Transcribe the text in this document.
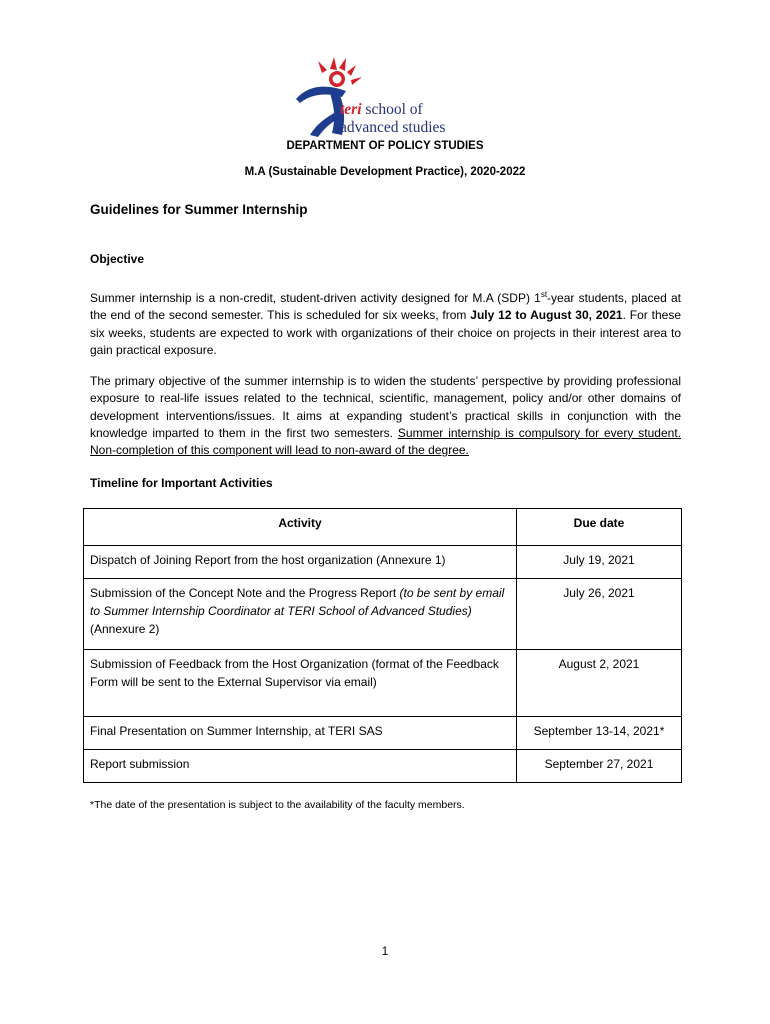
teri school of
advanced studies
DEPARTMENT OF POLICY STUDIES
M.A (Sustainable Development Practice), 2020-2022
Guidelines for Summer Internship
Objective

Summer internship is a non-credit, student-driven activity designed for M.A (SDP) 1st-year students, placed at the end of the second semester. This is scheduled for six weeks, from July 12 to August 30, 2021. For these six weeks, students are expected to work with organizations of their choice on projects in their interest area to gain practical exposure.

The primary objective of the summer internship is to widen the students’ perspective by providing professional exposure to real-life issues related to the technical, scientific, management, policy and/or other domains of development interventions/issues. It aims at expanding student’s practical skills in conjunction with the knowledge imparted to them in the first two semesters. Summer internship is compulsory for every student. Non-completion of this component will lead to non-award of the degree.

Timeline for Important Activities
Activity	Due date
Dispatch of Joining Report from the host organization (Annexure 1)	July 19, 2021
Submission of the Concept Note and the Progress Report (to be sent by email to Summer Internship Coordinator at TERI School of Advanced Studies) (Annexure 2)	July 26, 2021
Submission of Feedback from the Host Organization (format of the Feedback Form will be sent to the External Supervisor via email)	August 2, 2021
Final Presentation on Summer Internship, at TERI SAS	September 13-14, 2021*
Report submission	September 27, 2021
*The date of the presentation is subject to the availability of the faculty members.
1
